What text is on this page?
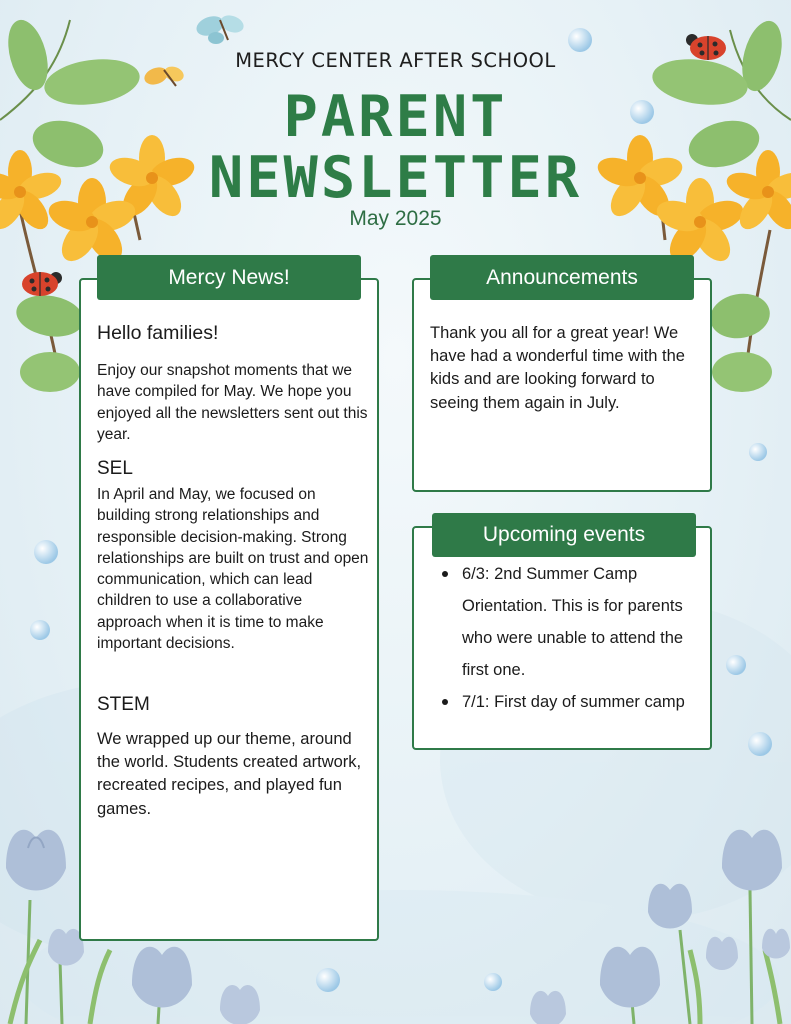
MERCY CENTER AFTER SCHOOL
PARENT
NEWSLETTER
May 2025
Hello families!
Enjoy our snapshot moments that we have compiled for May. We hope you enjoyed all the newsletters sent out this year.
SEL
In April and May, we focused on building strong relationships and responsible decision-making. Strong relationships are built on trust and open communication, which can lead children to use a collaborative approach when it is time to make important decisions.
STEM
We wrapped up our theme, around the world. Students created artwork, recreated recipes, and played fun games.
Mercy News!
Thank you all for a great year! We have had a wonderful time with the kids and are looking forward to seeing them again in July.
Announcements
6/3: 2nd Summer Camp Orientation. This is for parents who were unable to attend the first one.
7/1: First day of summer camp
Upcoming events
